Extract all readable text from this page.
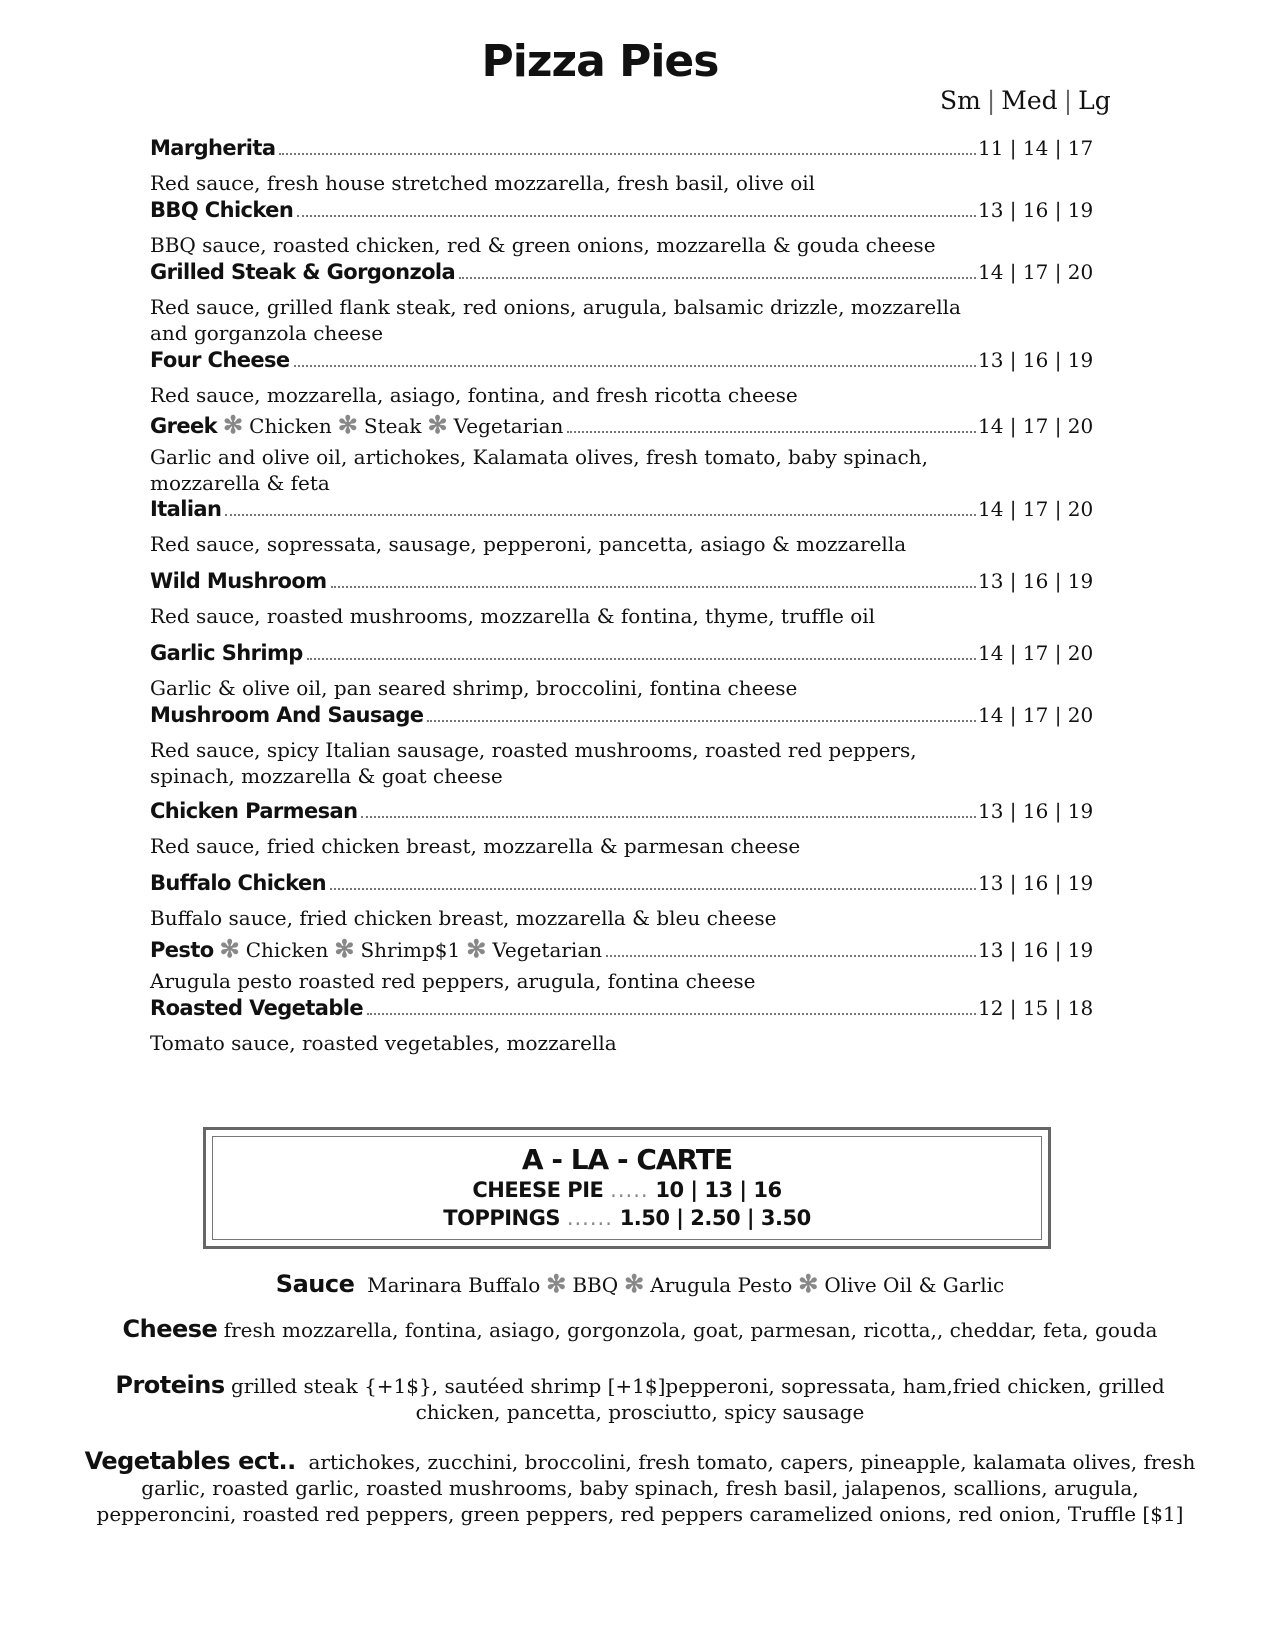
Pizza Pies
Sm | Med | Lg
Margherita	11 | 14 | 17
Red sauce, fresh house stretched mozzarella, fresh basil, olive oil
BBQ Chicken	13 | 16 | 19
BBQ sauce, roasted chicken, red & green onions, mozzarella & gouda cheese
Grilled Steak & Gorgonzola	14 | 17 | 20
Red sauce, grilled flank steak, red onions, arugula, balsamic drizzle, mozzarella and gorganzola cheese
Four Cheese	13 | 16 | 19
Red sauce, mozzarella, asiago, fontina, and fresh ricotta cheese
Greek ✻ Chicken ✻ Steak ✻ Vegetarian	14 | 17 | 20
Garlic and olive oil, artichokes, Kalamata olives, fresh tomato, baby spinach, mozzarella & feta
Italian	14 | 17 | 20
Red sauce, sopressata, sausage, pepperoni, pancetta, asiago & mozzarella
Wild Mushroom	13 | 16 | 19
Red sauce, roasted mushrooms, mozzarella & fontina, thyme, truffle oil
Garlic Shrimp	14 | 17 | 20
Garlic & olive oil, pan seared shrimp, broccolini, fontina cheese
Mushroom And Sausage	14 | 17 | 20
Red sauce, spicy Italian sausage, roasted mushrooms, roasted red peppers, spinach, mozzarella & goat cheese
Chicken Parmesan	13 | 16 | 19
Red sauce, fried chicken breast, mozzarella & parmesan cheese
Buffalo Chicken	13 | 16 | 19
Buffalo sauce, fried chicken breast, mozzarella & bleu cheese
Pesto ✻ Chicken ✻ Shrimp$1 ✻ Vegetarian	13 | 16 | 19
Arugula pesto roasted red peppers, arugula, fontina cheese
Roasted Vegetable	12 | 15 | 18
Tomato sauce, roasted vegetables, mozzarella
A - LA - CARTE
CHEESE PIE ..... 10 | 13 | 16
TOPPINGS ...... 1.50 | 2.50 | 3.50
Sauce Marinara Buffalo ✻ BBQ ✻ Arugula Pesto ✻ Olive Oil & Garlic
Cheese fresh mozzarella, fontina, asiago, gorgonzola, goat, parmesan, ricotta,, cheddar, feta, gouda
Proteins grilled steak {+1$}, sautéed shrimp [+1$]pepperoni, sopressata, ham,fried chicken, grilled chicken, pancetta, prosciutto, spicy sausage
Vegetables ect.. artichokes, zucchini, broccolini, fresh tomato, capers, pineapple, kalamata olives, fresh garlic, roasted garlic, roasted mushrooms, baby spinach, fresh basil, jalapenos, scallions, arugula, pepperoncini, roasted red peppers, green peppers, red peppers caramelized onions, red onion, Truffle [$1]
